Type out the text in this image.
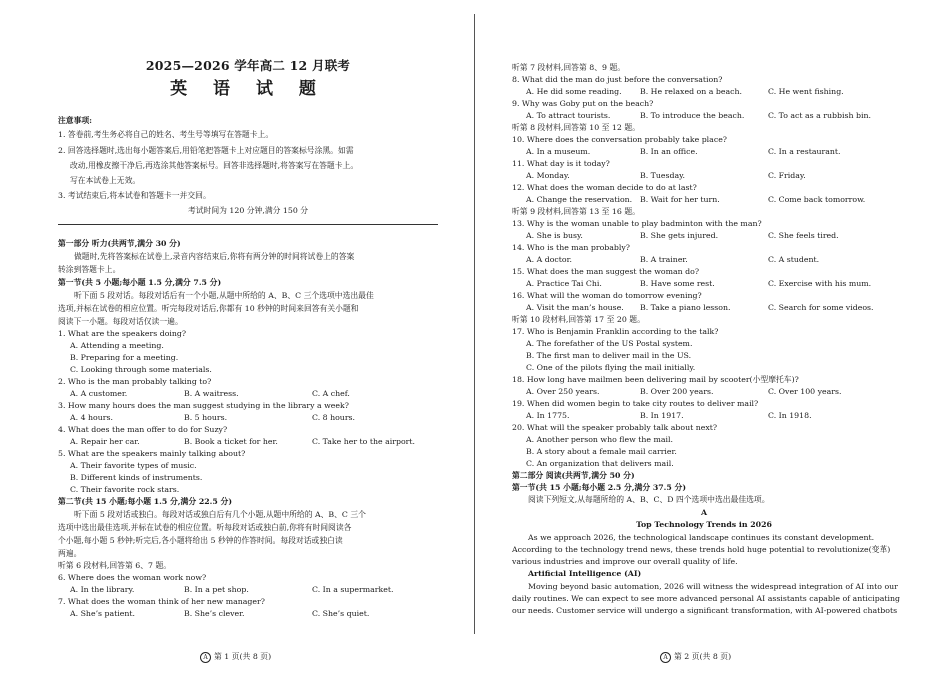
2025—2026 学年高二 12 月联考
英 语 试 题
注意事项:
1. 答卷前,考生务必将自己的姓名、考生号等填写在答题卡上。
2. 回答选择题时,选出每小题答案后,用铅笔把答题卡上对应题目的答案标号涂黑。如需
改动,用橡皮擦干净后,再选涂其他答案标号。回答非选择题时,将答案写在答题卡上。
写在本试卷上无效。
3. 考试结束后,将本试卷和答题卡一并交回。
考试时间为 120 分钟,满分 150 分
第一部分 听力(共两节,满分 30 分)
做题时,先将答案标在试卷上,录音内容结束后,你将有两分钟的时间将试卷上的答案
转涂到答题卡上。
第一节(共 5 小题;每小题 1.5 分,满分 7.5 分)
听下面 5 段对话。每段对话后有一个小题,从题中所给的 A、B、C 三个选项中选出最佳
选项,并标在试卷的相应位置。听完每段对话后,你都有 10 秒钟的时间来回答有关小题和
阅读下一小题。每段对话仅读一遍。
1. What are the speakers doing?
A. Attending a meeting.
B. Preparing for a meeting.
C. Looking through some materials.
2. Who is the man probably talking to?
A. A customer.	B. A waitress.	C. A chef.
3. How many hours does the man suggest studying in the library a week?
A. 4 hours.	B. 5 hours.	C. 8 hours.
4. What does the man offer to do for Suzy?
A. Repair her car.	B. Book a ticket for her.	C. Take her to the airport.
5. What are the speakers mainly talking about?
A. Their favorite types of music.
B. Different kinds of instruments.
C. Their favorite rock stars.
第二节(共 15 小题;每小题 1.5 分,满分 22.5 分)
听下面 5 段对话或独白。每段对话或独白后有几个小题,从题中所给的 A、B、C 三个
选项中选出最佳选项,并标在试卷的相应位置。听每段对话或独白前,你将有时间阅读各
个小题,每小题 5 秒钟;听完后,各小题将给出 5 秒钟的作答时间。每段对话或独白读
两遍。
听第 6 段材料,回答第 6、7 题。
6. Where does the woman work now?
A. In the library.	B. In a pet shop.	C. In a supermarket.
7. What does the woman think of her new manager?
A. She’s patient.	B. She’s clever.	C. She’s quiet.
A 第 1 页(共 8 页)
听第 7 段材料,回答第 8、9 题。
8. What did the man do just before the conversation?
A. He did some reading. B. He relaxed on a beach.	C. He went fishing.
9. Why was Goby put on the beach?
A. To attract tourists.	B. To introduce the beach.	C. To act as a rubbish bin.
听第 8 段材料,回答第 10 至 12 题。
10. Where does the conversation probably take place?
A. In a museum.	B. In an office.	C. In a restaurant.
11. What day is it today?
A. Monday.	B. Tuesday.	C. Friday.
12. What does the woman decide to do at last?
A. Change the reservation. B. Wait for her turn.	C. Come back tomorrow.
听第 9 段材料,回答第 13 至 16 题。
13. Why is the woman unable to play badminton with the man?
A. She is busy.	B. She gets injured.	C. She feels tired.
14. Who is the man probably?
A. A doctor.	B. A trainer.	C. A student.
15. What does the man suggest the woman do?
A. Practice Tai Chi.	B. Have some rest.	C. Exercise with his mum.
16. What will the woman do tomorrow evening?
A. Visit the man’s house. B. Take a piano lesson.	C. Search for some videos.
听第 10 段材料,回答第 17 至 20 题。
17. Who is Benjamin Franklin according to the talk?
A. The forefather of the US Postal system.
B. The first man to deliver mail in the US.
C. One of the pilots flying the mail initially.
18. How long have mailmen been delivering mail by scooter(小型摩托车)?
A. Over 250 years.	B. Over 200 years.	C. Over 100 years.
19. When did women begin to take city routes to deliver mail?
A. In 1775.	B. In 1917.	C. In 1918.
20. What will the speaker probably talk about next?
A. Another person who flew the mail.
B. A story about a female mail carrier.
C. An organization that delivers mail.
第二部分 阅读(共两节,满分 50 分)
第一节(共 15 小题;每小题 2.5 分,满分 37.5 分)
阅读下列短文,从每题所给的 A、B、C、D 四个选项中选出最佳选项。
A
Top Technology Trends in 2026
As we approach 2026, the technological landscape continues its constant development.
According to the technology trend news, these trends hold huge potential to revolutionize(变革)
various industries and improve our overall quality of life.
Artificial Intelligence (AI)
Moving beyond basic automation, 2026 will witness the widespread integration of AI into our
daily routines. We can expect to see more advanced personal AI assistants capable of anticipating
our needs. Customer service will undergo a significant transformation, with AI-powered chatbots
A 第 2 页(共 8 页)
